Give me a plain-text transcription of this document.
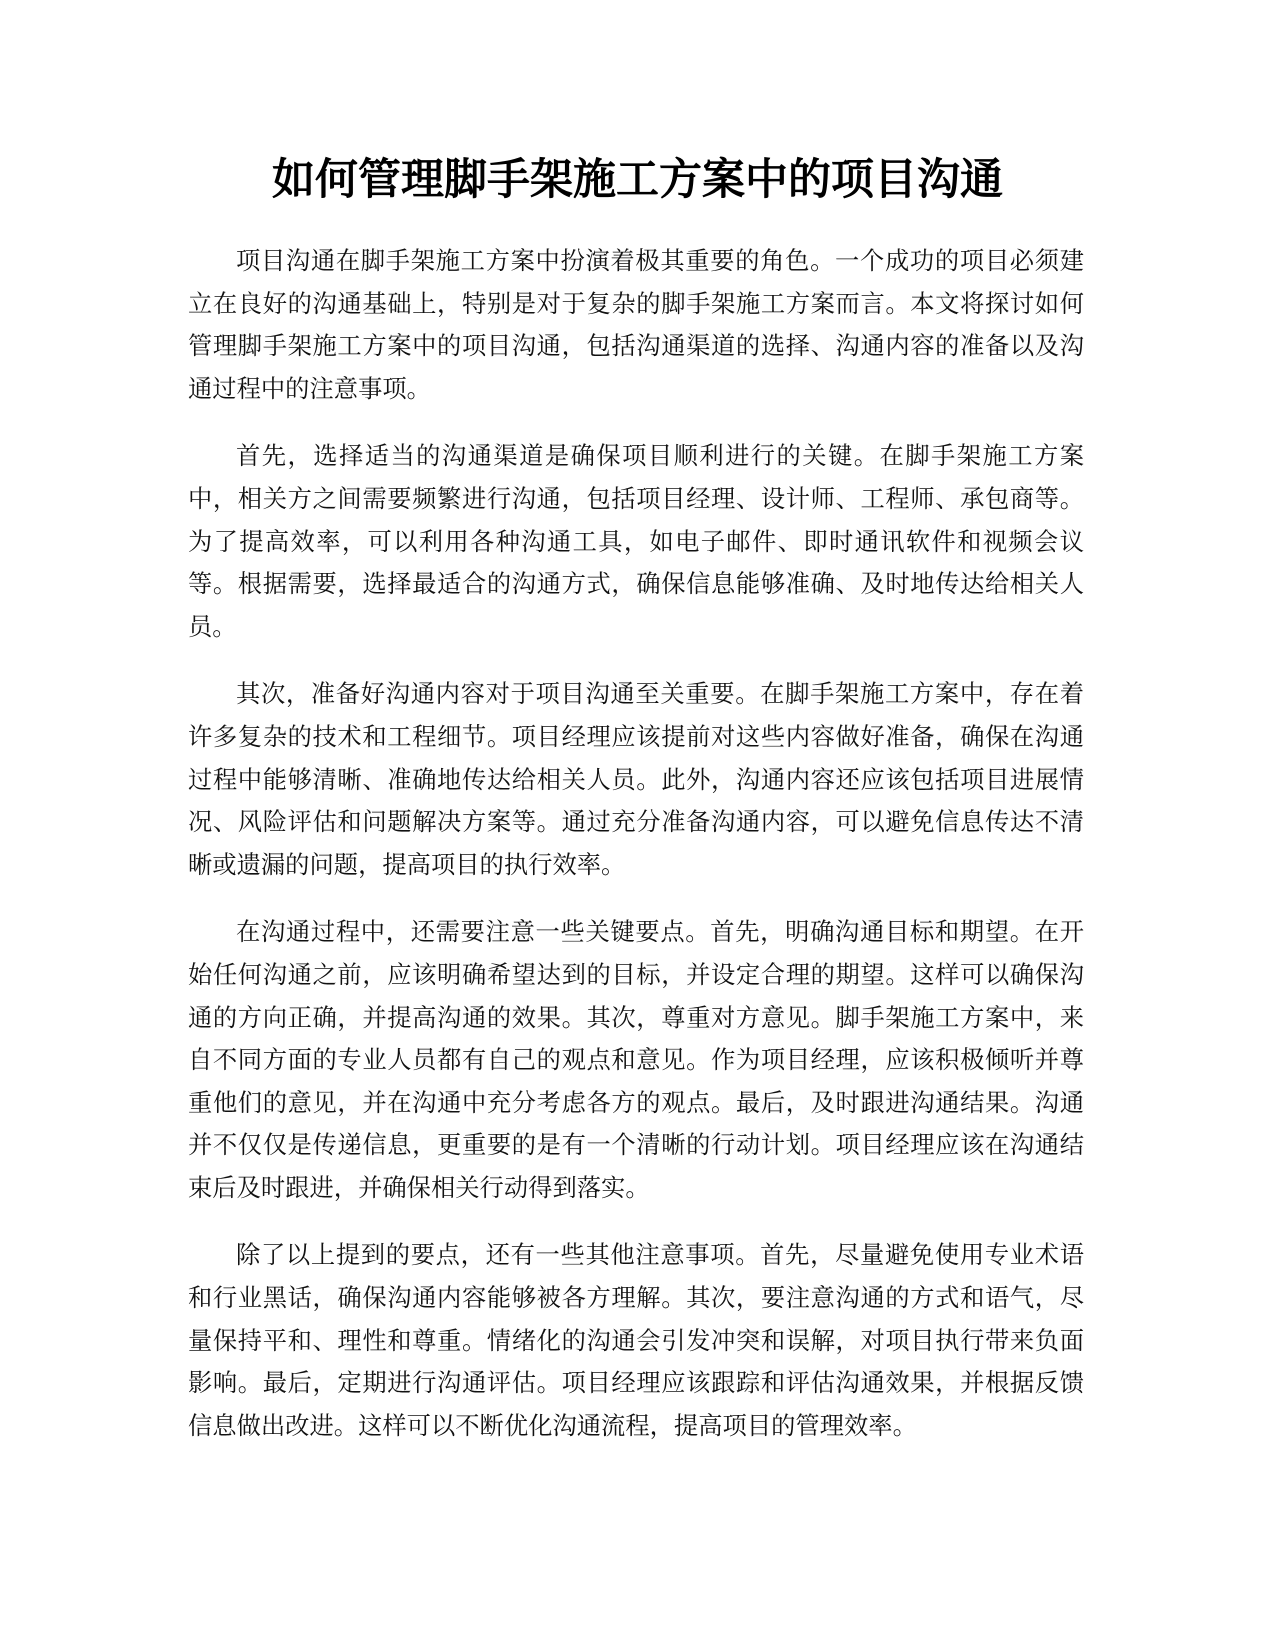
如何管理脚手架施工方案中的项目沟通

项目沟通在脚手架施工方案中扮演着极其重要的角色。一个成功的项目必须建立在良好的沟通基础上，特别是对于复杂的脚手架施工方案而言。本文将探讨如何管理脚手架施工方案中的项目沟通，包括沟通渠道的选择、沟通内容的准备以及沟通过程中的注意事项。

首先，选择适当的沟通渠道是确保项目顺利进行的关键。在脚手架施工方案中，相关方之间需要频繁进行沟通，包括项目经理、设计师、工程师、承包商等。为了提高效率，可以利用各种沟通工具，如电子邮件、即时通讯软件和视频会议等。根据需要，选择最适合的沟通方式，确保信息能够准确、及时地传达给相关人员。

其次，准备好沟通内容对于项目沟通至关重要。在脚手架施工方案中，存在着许多复杂的技术和工程细节。项目经理应该提前对这些内容做好准备，确保在沟通过程中能够清晰、准确地传达给相关人员。此外，沟通内容还应该包括项目进展情况、风险评估和问题解决方案等。通过充分准备沟通内容，可以避免信息传达不清晰或遗漏的问题，提高项目的执行效率。

在沟通过程中，还需要注意一些关键要点。首先，明确沟通目标和期望。在开始任何沟通之前，应该明确希望达到的目标，并设定合理的期望。这样可以确保沟通的方向正确，并提高沟通的效果。其次，尊重对方意见。脚手架施工方案中，来自不同方面的专业人员都有自己的观点和意见。作为项目经理，应该积极倾听并尊重他们的意见，并在沟通中充分考虑各方的观点。最后，及时跟进沟通结果。沟通并不仅仅是传递信息，更重要的是有一个清晰的行动计划。项目经理应该在沟通结束后及时跟进，并确保相关行动得到落实。

除了以上提到的要点，还有一些其他注意事项。首先，尽量避免使用专业术语和行业黑话，确保沟通内容能够被各方理解。其次，要注意沟通的方式和语气，尽量保持平和、理性和尊重。情绪化的沟通会引发冲突和误解，对项目执行带来负面影响。最后，定期进行沟通评估。项目经理应该跟踪和评估沟通效果，并根据反馈信息做出改进。这样可以不断优化沟通流程，提高项目的管理效率。
